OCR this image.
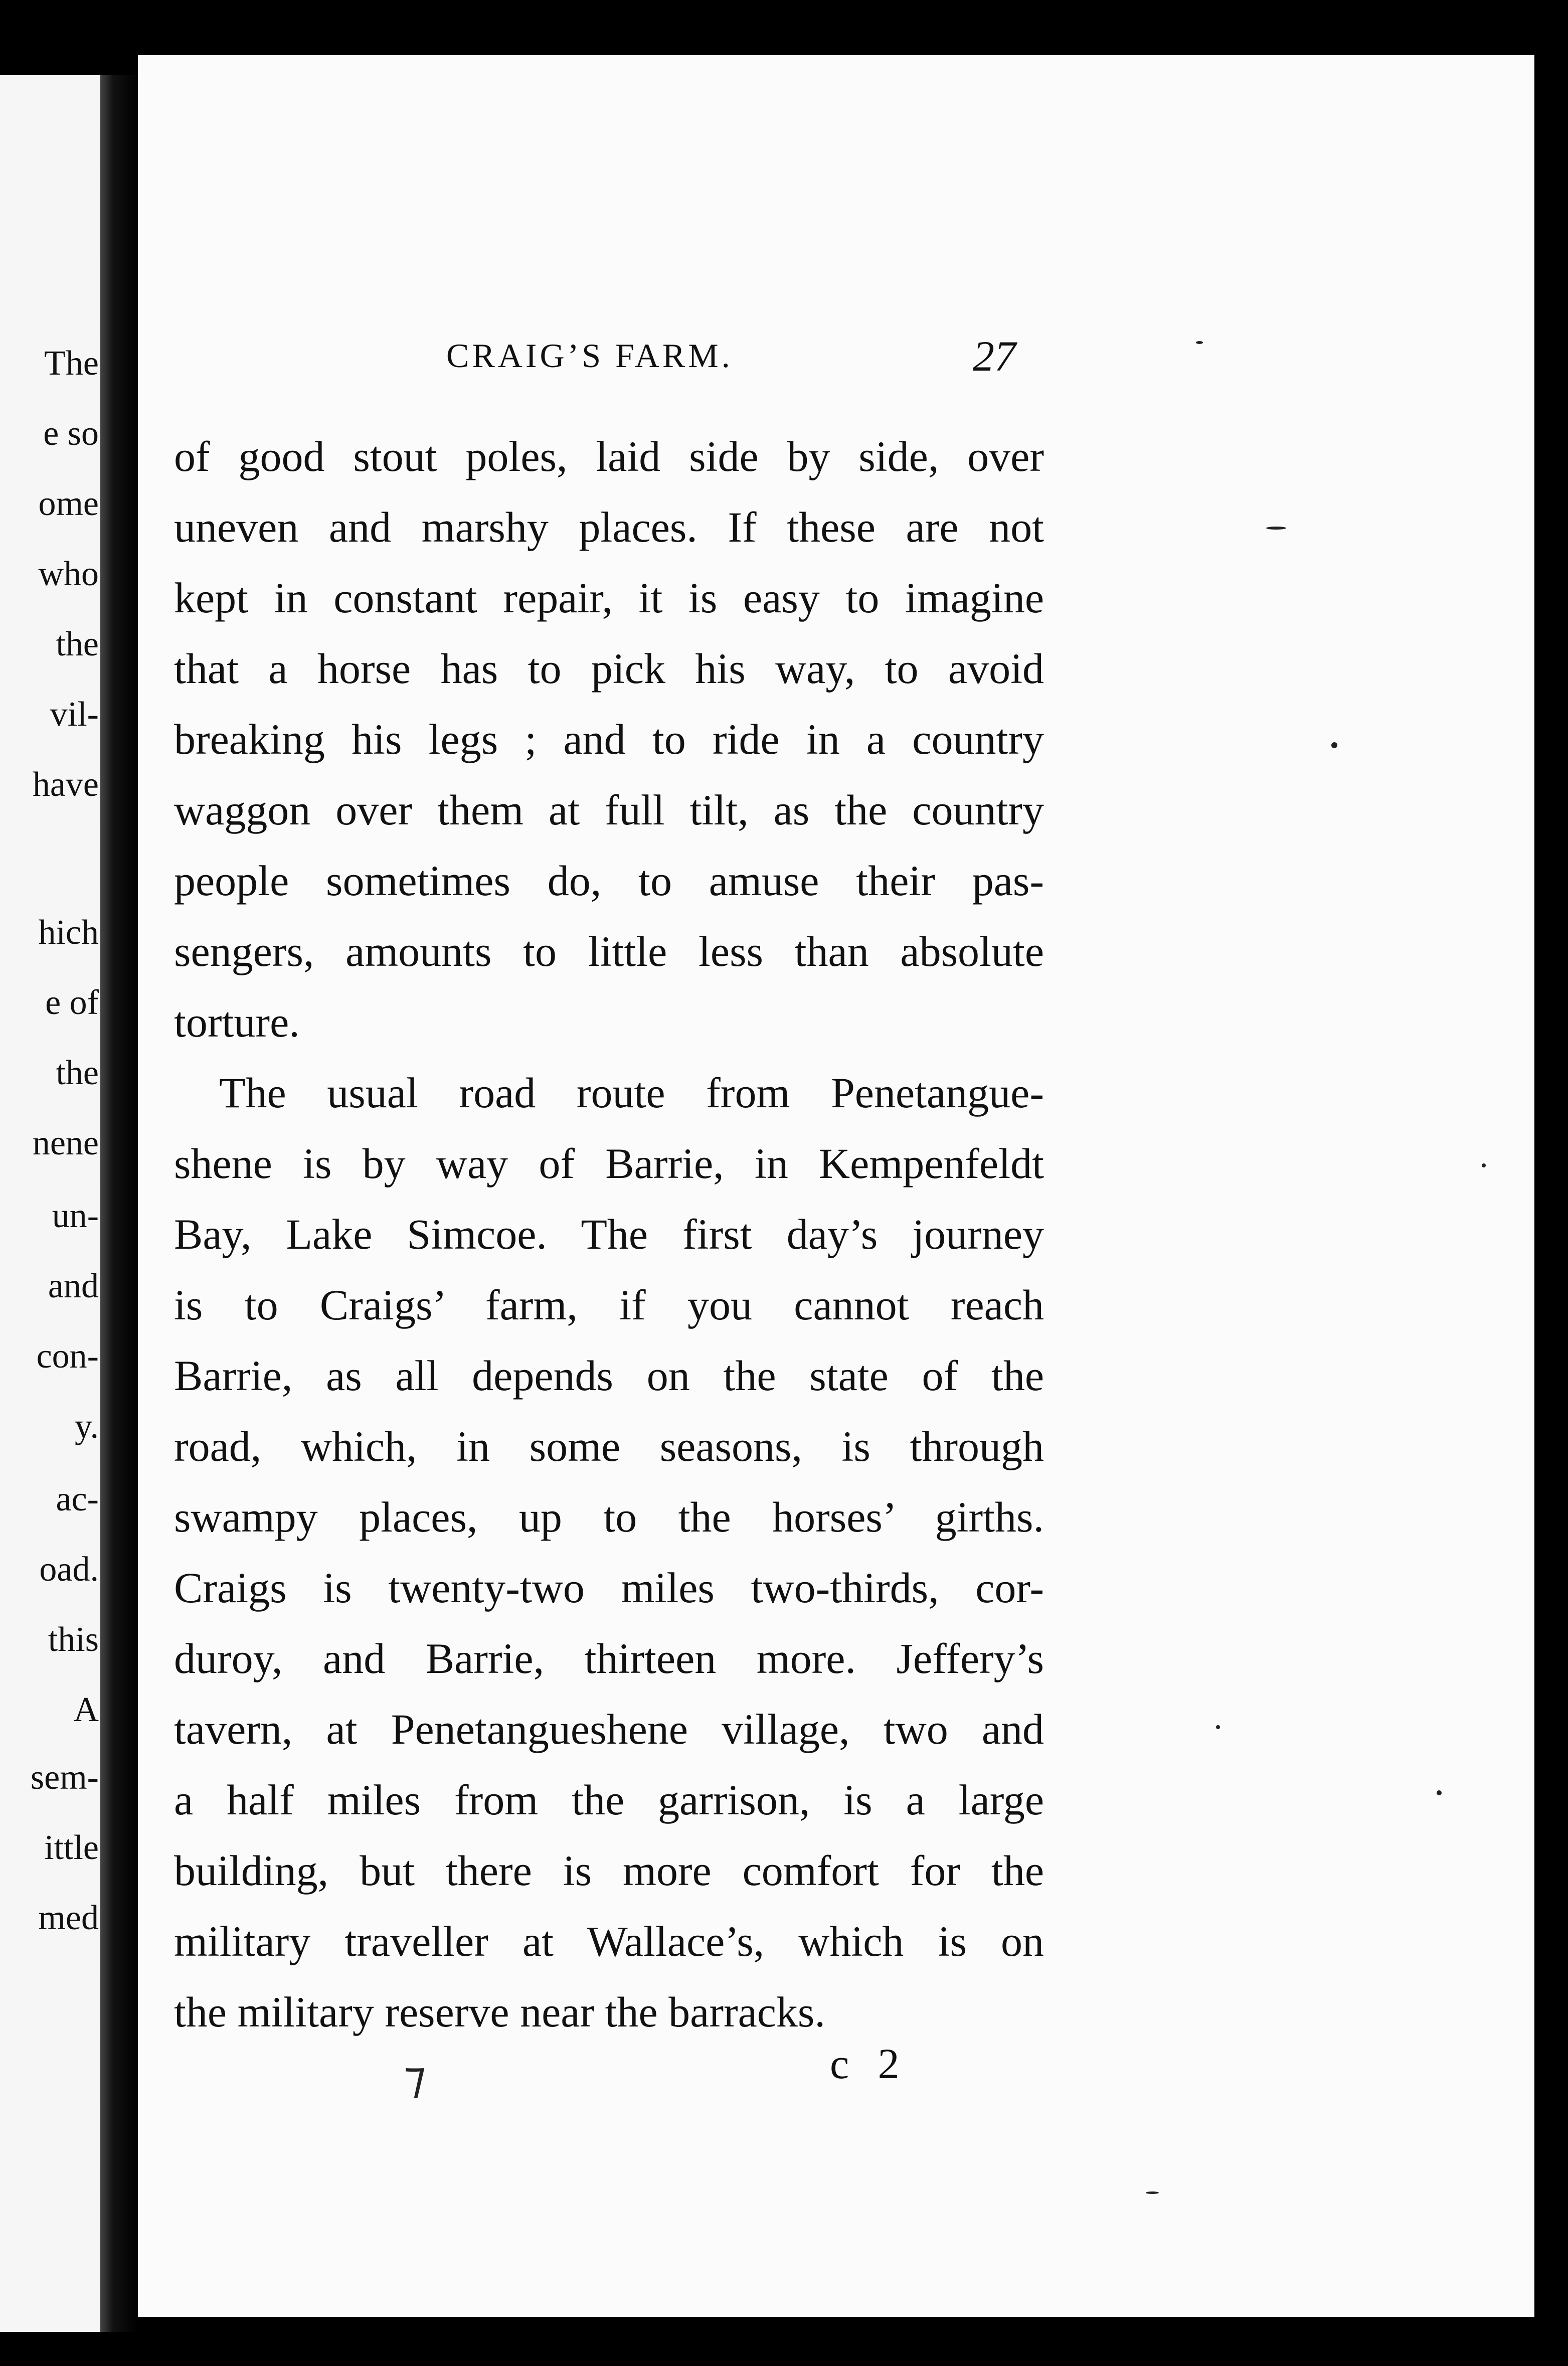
The
e so
ome
who
the
vil-
have
hich
e of
the
nene
un-
and
con-
y.
ac-
oad.
this
A
sem-
ittle
med
CRAIG’S FARM.	27
of good stout poles, laid side by side, over
uneven and marshy places. If these are not
kept in constant repair, it is easy to imagine
that a horse has to pick his way, to avoid
breaking his legs ; and to ride in a country
waggon over them at full tilt, as the country
people sometimes do, to amuse their pas-
sengers, amounts to little less than absolute
torture.
The usual road route from Penetangue-
shene is by way of Barrie, in Kempenfeldt
Bay, Lake Simcoe. The first day’s journey
is to Craigs’ farm, if you cannot reach
Barrie, as all depends on the state of the
road, which, in some seasons, is through
swampy places, up to the horses’ girths.
Craigs is twenty-two miles two-thirds, cor-
duroy, and Barrie, thirteen more. Jeffery’s
tavern, at Penetangueshene village, two and
a half miles from the garrison, is a large
building, but there is more comfort for the
military traveller at Wallace’s, which is on
the military reserve near the barracks.
c 2
⁊
